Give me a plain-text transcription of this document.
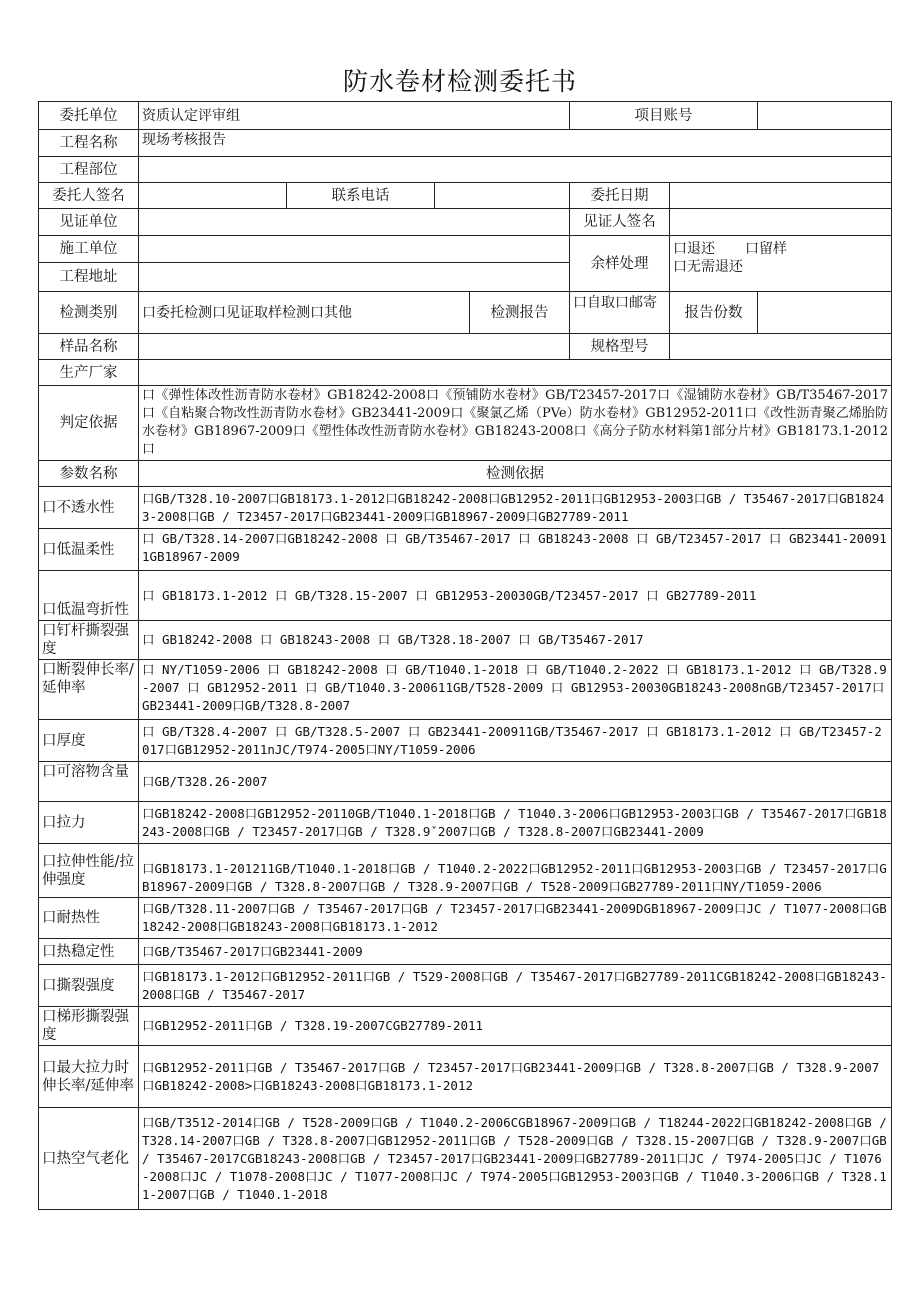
防水卷材检测委托书
委托单位	资质认定评审组				项目账号		
工程名称	现场考核报告						
工程部位							
委托人签名		联系电话			委托日期		
见证单位					见证人签名		
施工单位					余样处理	口退还 口留样
口无需退还	
工程地址							
检测类别	口委托检测口见证取样检测口其他			检测报告	口自取口邮寄	报告份数	
样品名称					规格型号		
生产厂家							
判定依据	口《弹性体改性沥青防水卷材》GB18242-2008口《预铺防水卷材》GB/T23457-2017口《湿铺防水卷材》GB/T35467-2017口《自粘聚合物改性沥青防水卷材》GB23441-2009口《聚氯乙烯（PVe）防水卷材》GB12952-2011口《改性沥青聚乙烯胎防水卷材》GB18967-2009口《塑性体改性沥青防水卷材》GB18243-2008口《高分子防水材料第1部分片材》GB18173.1-2012口						
参数名称	检测依据						
口不透水性	口GB/T328.10-2007口GB18173.1-2012口GB18242-2008口GB12952-2011口GB12953-2003口GB / T35467-2017口GB18243-2008口GB / T23457-2017口GB23441-2009口GB18967-2009口GB27789-2011						
口低温柔性	口 GB/T328.14-2007口GB18242-2008 口 GB/T35467-2017 口 GB18243-2008 口 GB/T23457-2017 口 GB23441-200911GB18967-2009						
口低温弯折性	口 GB18173.1-2012 口 GB/T328.15-2007 口 GB12953-20030GB/T23457-2017 口 GB27789-2011						
口钉杆撕裂强度	口 GB18242-2008 口 GB18243-2008 口 GB/T328.18-2007 口 GB/T35467-2017						
口断裂伸长率/延伸率	口 NY/T1059-2006 口 GB18242-2008 口 GB/T1040.1-2018 口 GB/T1040.2-2022 口 GB18173.1-2012 口 GB/T328.9-2007 口 GB12952-2011 口 GB/T1040.3-200611GB/T528-2009 口 GB12953-20030GB18243-2008nGB/T23457-2017口GB23441-2009口GB/T328.8-2007						
口厚度	口 GB/T328.4-2007 口 GB/T328.5-2007 口 GB23441-200911GB/T35467-2017 口 GB18173.1-2012 口 GB/T23457-2017口GB12952-2011nJC/T974-2005口NY/T1059-2006						
口可溶物含量	口GB/T328.26-2007						
口拉力	口GB18242-2008口GB12952-20110GB/T1040.1-2018口GB / T1040.3-2006口GB12953-2003口GB / T35467-2017口GB18243-2008口GB / T23457-2017口GB / T328.9ˇ2007口GB / T328.8-2007口GB23441-2009						
口拉伸性能/拉伸强度	口GB18173.1-201211GB/T1040.1-2018口GB / T1040.2-2022口GB12952-2011口GB12953-2003口GB / T23457-2017口GB18967-2009口GB / T328.8-2007口GB / T328.9-2007口GB / T528-2009口GB27789-2011口NY/T1059-2006						
口耐热性	口GB/T328.11-2007口GB / T35467-2017口GB / T23457-2017口GB23441-2009DGB18967-2009口JC / T1077-2008口GB18242-2008口GB18243-2008口GB18173.1-2012						
口热稳定性	口GB/T35467-2017口GB23441-2009						
口撕裂强度	口GB18173.1-2012口GB12952-2011口GB / T529-2008口GB / T35467-2017口GB27789-2011CGB18242-2008口GB18243-2008口GB / T35467-2017						
口梯形撕裂强度	口GB12952-2011口GB / T328.19-2007CGB27789-2011						
口最大拉力时伸长率/延伸率	口GB12952-2011口GB / T35467-2017口GB / T23457-2017口GB23441-2009口GB / T328.8-2007口GB / T328.9-2007口GB18242-2008>口GB18243-2008口GB18173.1-2012						
口热空气老化	口GB/T3512-2014口GB / T528-2009口GB / T1040.2-2006CGB18967-2009口GB / T18244-2022口GB18242-2008口GB / T328.14-2007口GB / T328.8-2007口GB12952-2011口GB / T528-2009口GB / T328.15-2007口GB / T328.9-2007口GB / T35467-2017CGB18243-2008口GB / T23457-2017口GB23441-2009口GB27789-2011口JC / T974-2005口JC / T1076-2008口JC / T1078-2008口JC / T1077-2008口JC / T974-2005口GB12953-2003口GB / T1040.3-2006口GB / T328.11-2007口GB / T1040.1-2018						
